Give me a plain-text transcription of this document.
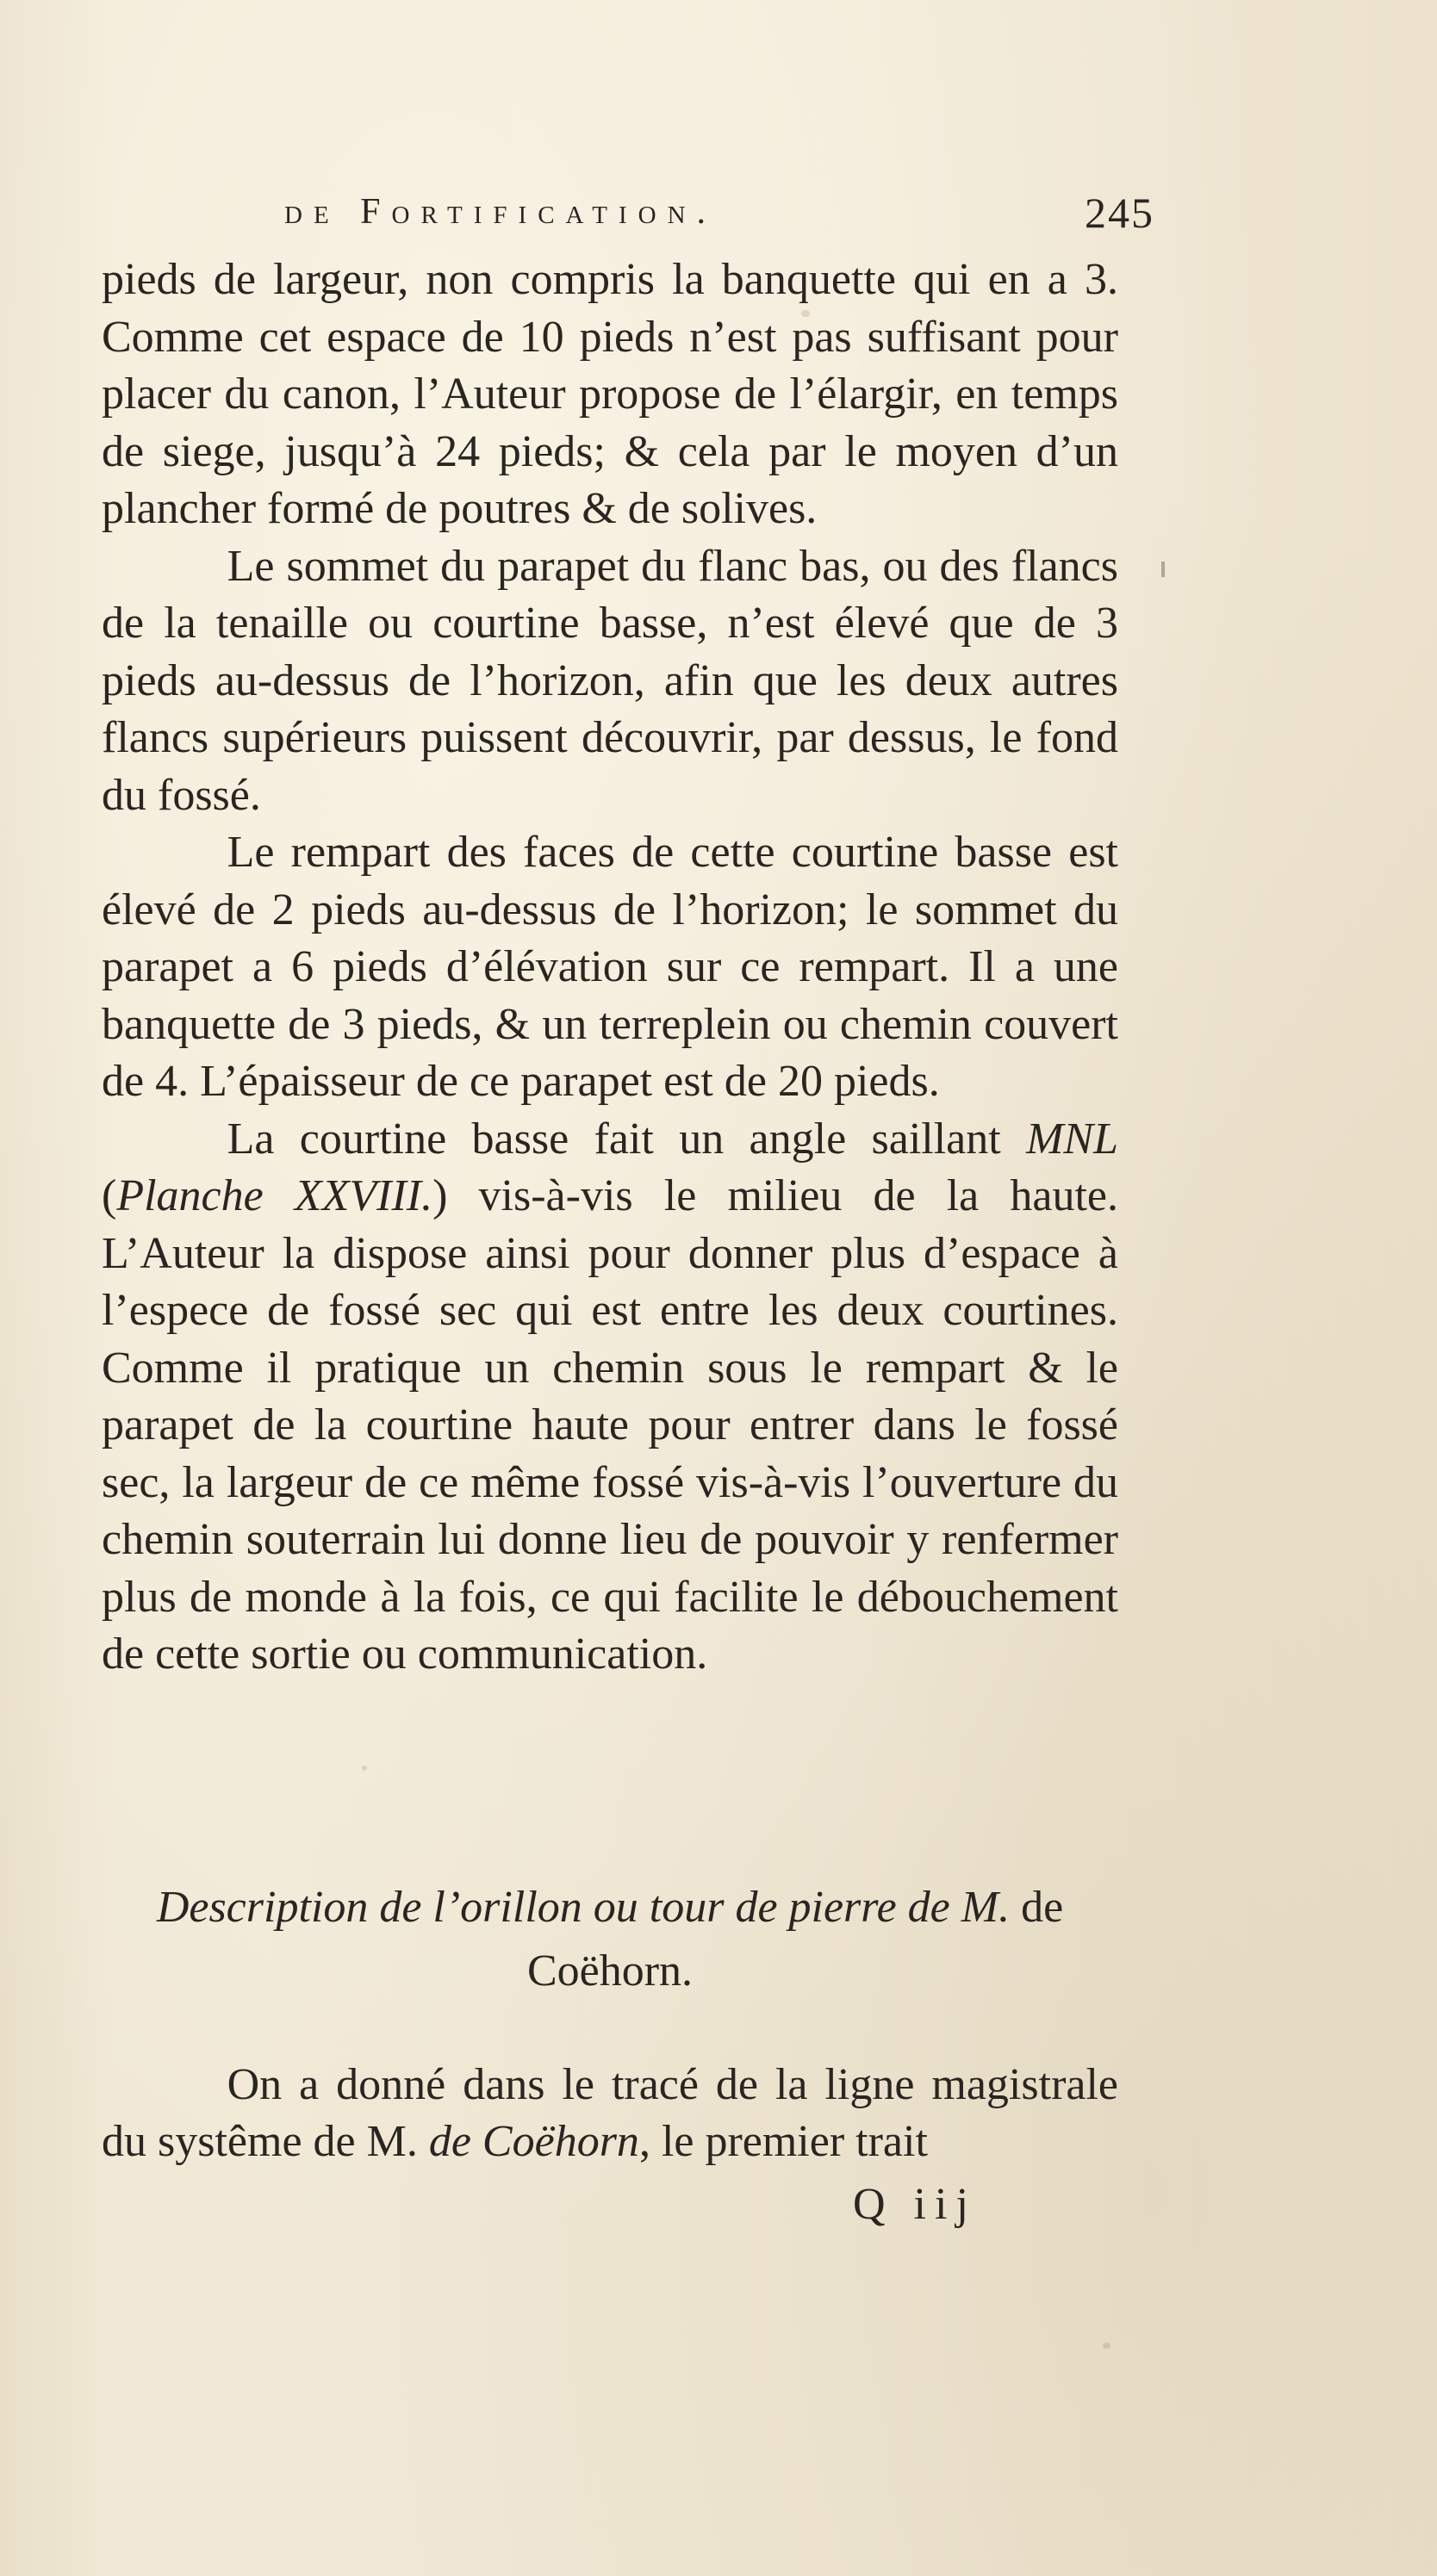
de Fortification.	245

pieds de largeur, non compris la banquette qui en a 3. Comme cet espace de 10 pieds n’est pas suffisant pour placer du canon, l’Auteur propose de l’élargir, en temps de siege, jusqu’à 24 pieds; & cela par le moyen d’un plancher formé de poutres & de solives.

Le sommet du parapet du flanc bas, ou des flancs de la tenaille ou courtine basse, n’est élevé que de 3 pieds au-dessus de l’horizon, afin que les deux autres flancs supérieurs puissent découvrir, par dessus, le fond du fossé.

Le rempart des faces de cette courtine basse est élevé de 2 pieds au-dessus de l’horizon; le sommet du parapet a 6 pieds d’élévation sur ce rempart. Il a une banquette de 3 pieds, & un terreplein ou chemin couvert de 4. L’épaisseur de ce parapet est de 20 pieds.

La courtine basse fait un angle saillant MNL (Planche XXVIII.) vis-à-vis le milieu de la haute. L’Auteur la dispose ainsi pour donner plus d’espace à l’espece de fossé sec qui est entre les deux courtines. Comme il pratique un chemin sous le rempart & le parapet de la courtine haute pour entrer dans le fossé sec, la largeur de ce même fossé vis-à-vis l’ouverture du chemin souterrain lui donne lieu de pouvoir y renfermer plus de monde à la fois, ce qui facilite le débouchement de cette sortie ou communication.

Description de l’orillon ou tour de pierre de M. de Coëhorn.

On a donné dans le tracé de la ligne magistrale du systême de M. de Coëhorn, le premier trait

Q iij
